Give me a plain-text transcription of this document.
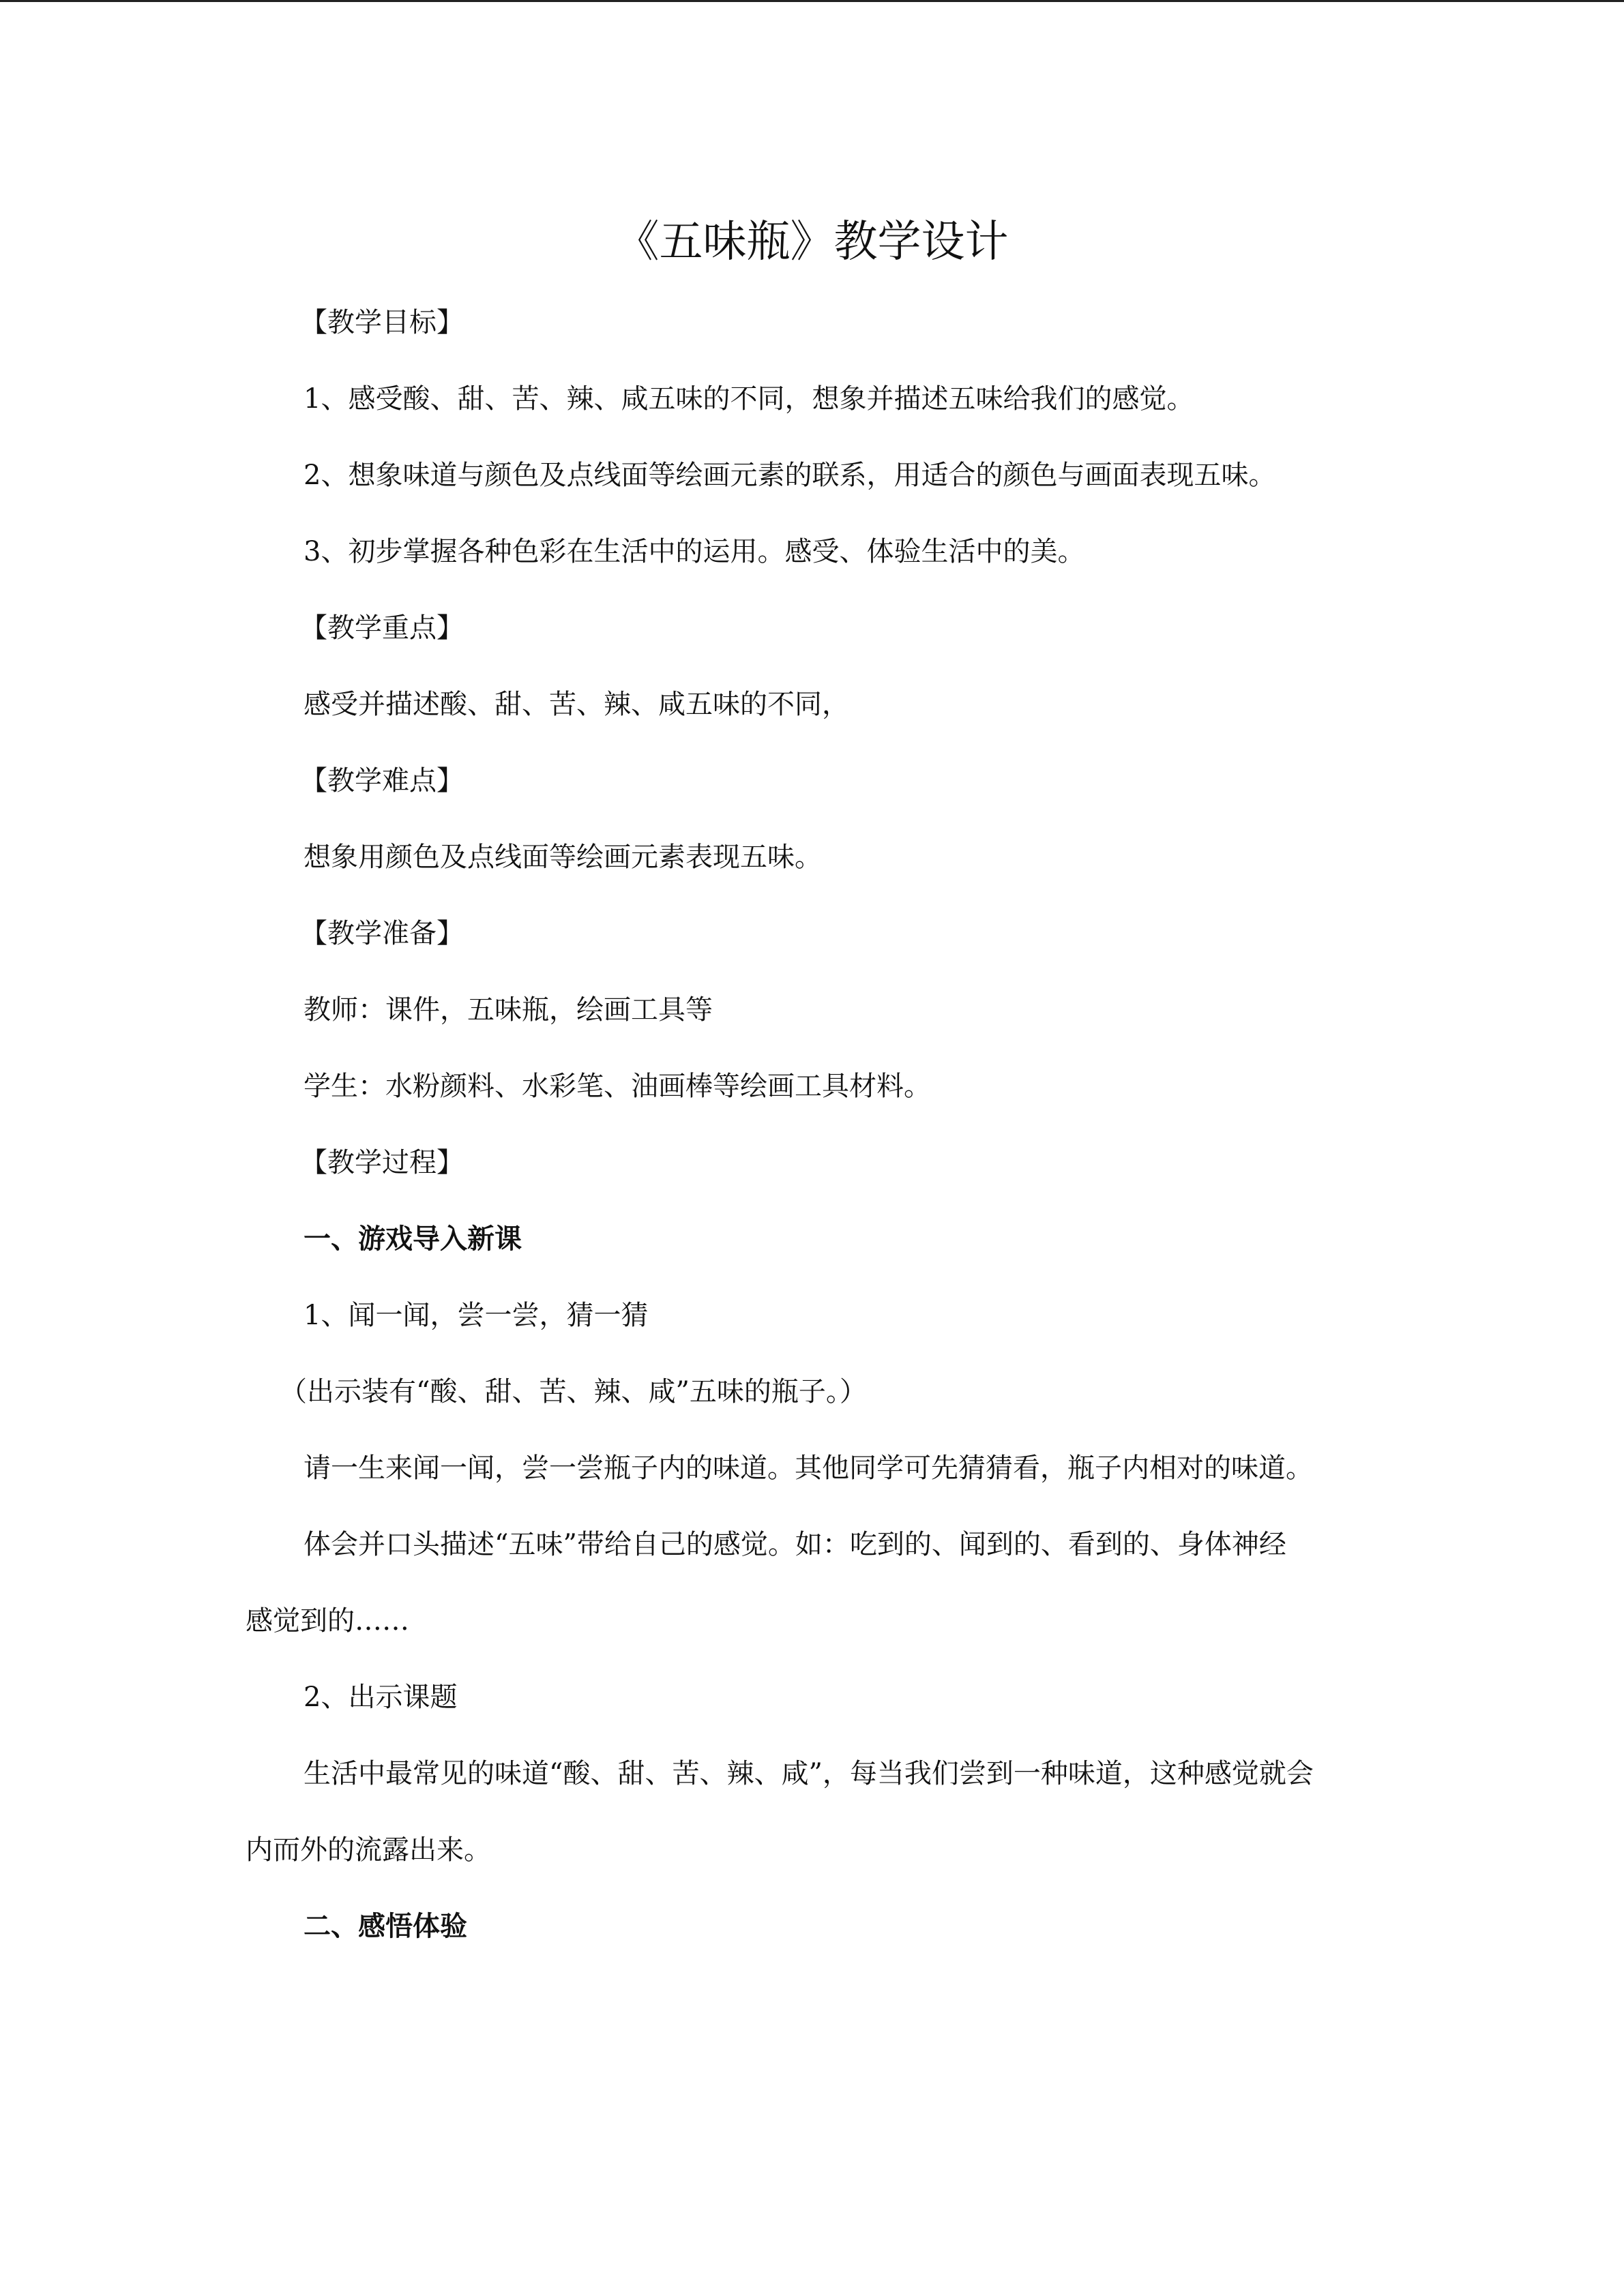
《五味瓶》教学设计
【教学目标】
1、感受酸、甜、苦、辣、咸五味的不同，想象并描述五味给我们的感觉。
2、想象味道与颜色及点线面等绘画元素的联系，用适合的颜色与画面表现五味。
3、初步掌握各种色彩在生活中的运用。感受、体验生活中的美。
【教学重点】
感受并描述酸、甜、苦、辣、咸五味的不同，
【教学难点】
想象用颜色及点线面等绘画元素表现五味。
【教学准备】
教师：课件，五味瓶，绘画工具等
学生：水粉颜料、水彩笔、油画棒等绘画工具材料。
【教学过程】
一、游戏导入新课
1、闻一闻，尝一尝，猜一猜
（出示装有“酸、甜、苦、辣、咸”五味的瓶子。）
请一生来闻一闻，尝一尝瓶子内的味道。其他同学可先猜猜看，瓶子内相对的味道。
体会并口头描述“五味”带给自己的感觉。如：吃到的、闻到的、看到的、身体神经
感觉到的……
2、出示课题
生活中最常见的味道“酸、甜、苦、辣、咸”，每当我们尝到一种味道，这种感觉就会
内而外的流露出来。
二、感悟体验
